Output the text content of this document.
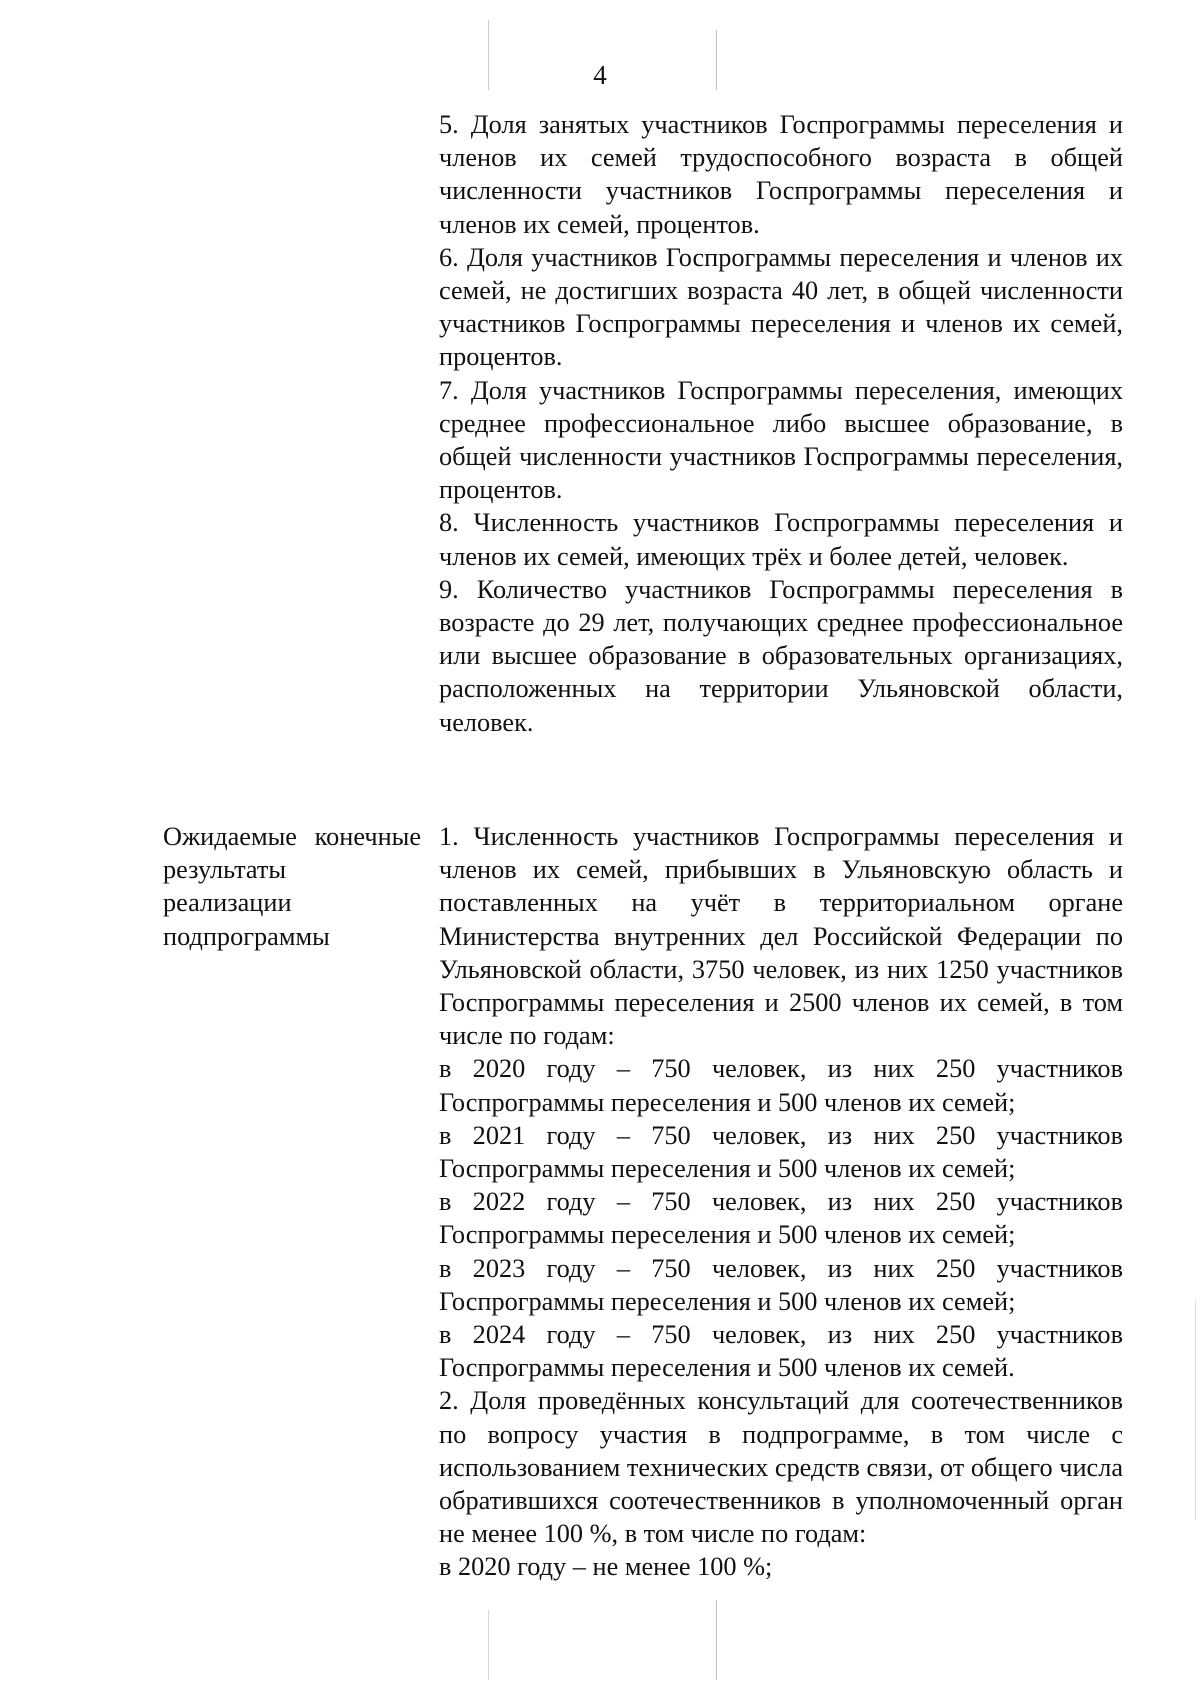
4

5. Доля занятых участников Госпрограммы переселения и членов их семей трудоспособного возраста в общей численности участников Госпрограммы переселения и членов их семей, процентов.

6. Доля участников Госпрограммы переселения и членов их семей, не достигших возраста 40 лет, в общей численности участников Госпрограммы переселения и членов их семей, процентов.

7. Доля участников Госпрограммы переселения, имеющих среднее профессиональное либо высшее образование, в общей численности участников Госпрограммы переселения, процентов.

8. Численность участников Госпрограммы переселения и членов их семей, имеющих трёх и более детей, человек.

9. Количество участников Госпрограммы переселения в возрасте до 29 лет, получающих среднее профессиональное или высшее образование в образовательных организациях, расположенных на территории Ульяновской области, человек.

Ожидаемые конечные результаты реализации подпрограммы

1. Численность участников Госпрограммы переселения и членов их семей, прибывших в Ульяновскую область и поставленных на учёт в территориальном органе Министерства внутренних дел Российской Федерации по Ульяновской области, 3750 человек, из них 1250 участников Госпрограммы переселения и 2500 членов их семей, в том числе по годам:

в 2020 году – 750 человек, из них 250 участников Госпрограммы переселения и 500 членов их семей;

в 2021 году – 750 человек, из них 250 участников Госпрограммы переселения и 500 членов их семей;

в 2022 году – 750 человек, из них 250 участников Госпрограммы переселения и 500 членов их семей;

в 2023 году – 750 человек, из них 250 участников Госпрограммы переселения и 500 членов их семей;

в 2024 году – 750 человек, из них 250 участников Госпрограммы переселения и 500 членов их семей.

2. Доля проведённых консультаций для соотечественников по вопросу участия в подпрограмме, в том числе с использованием технических средств связи, от общего числа обратившихся соотечественников в уполномоченный орган не менее 100 %, в том числе по годам:

в 2020 году – не менее 100 %;
